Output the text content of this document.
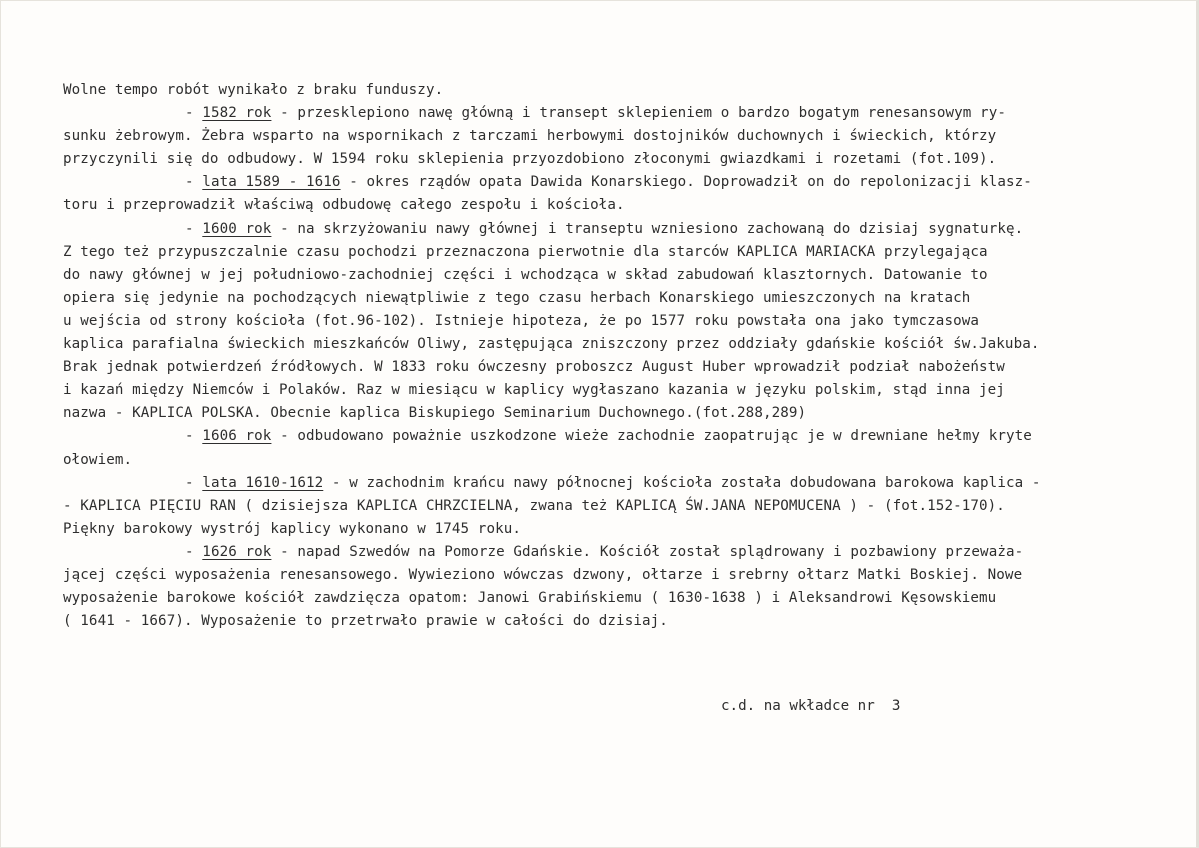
Wolne tempo robót wynikało z braku funduszy.
- 1582 rok - przesklepiono nawę główną i transept sklepieniem o bardzo bogatym renesansowym ry-
sunku żebrowym. Żebra wsparto na wspornikach z tarczami herbowymi dostojników duchownych i świeckich, którzy
przyczynili się do odbudowy. W 1594 roku sklepienia przyozdobiono złoconymi gwiazdkami i rozetami (fot.109).
- lata 1589 - 1616 - okres rządów opata Dawida Konarskiego. Doprowadził on do repolonizacji klasz-
toru i przeprowadził właściwą odbudowę całego zespołu i kościoła.
- 1600 rok - na skrzyżowaniu nawy głównej i transeptu wzniesiono zachowaną do dzisiaj sygnaturkę.
Z tego też przypuszczalnie czasu pochodzi przeznaczona pierwotnie dla starców KAPLICA MARIACKA przylegająca
do nawy głównej w jej południowo-zachodniej części i wchodząca w skład zabudowań klasztornych. Datowanie to
opiera się jedynie na pochodzących niewątpliwie z tego czasu herbach Konarskiego umieszczonych na kratach
u wejścia od strony kościoła (fot.96-102). Istnieje hipoteza, że po 1577 roku powstała ona jako tymczasowa
kaplica parafialna świeckich mieszkańców Oliwy, zastępująca zniszczony przez oddziały gdańskie kościół św.Jakuba.
Brak jednak potwierdzeń źródłowych. W 1833 roku ówczesny proboszcz August Huber wprowadził podział nabożeństw
i kazań między Niemców i Polaków. Raz w miesiącu w kaplicy wygłaszano kazania w języku polskim, stąd inna jej
nazwa - KAPLICA POLSKA. Obecnie kaplica Biskupiego Seminarium Duchownego.(fot.288,289)
- 1606 rok - odbudowano poważnie uszkodzone wieże zachodnie zaopatrując je w drewniane hełmy kryte
ołowiem.
- lata 1610-1612 - w zachodnim krańcu nawy północnej kościoła została dobudowana barokowa kaplica -
- KAPLICA PIĘCIU RAN ( dzisiejsza KAPLICA CHRZCIELNA, zwana też KAPLICĄ ŚW.JANA NEPOMUCENA ) - (fot.152-170).
Piękny barokowy wystrój kaplicy wykonano w 1745 roku.
- 1626 rok - napad Szwedów na Pomorze Gdańskie. Kościół został splądrowany i pozbawiony przeważa-
jącej części wyposażenia renesansowego. Wywieziono wówczas dzwony, ołtarze i srebrny ołtarz Matki Boskiej. Nowe
wyposażenie barokowe kościół zawdzięcza opatom: Janowi Grabińskiemu ( 1630-1638 ) i Aleksandrowi Kęsowskiemu
( 1641 - 1667). Wyposażenie to przetrwało prawie w całości do dzisiaj.
c.d. na wkładce nr  3
